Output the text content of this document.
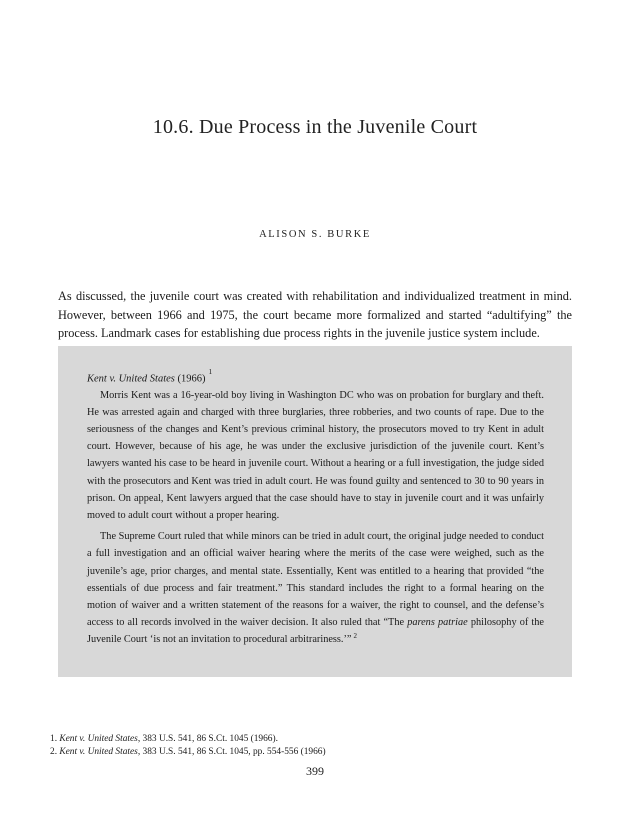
10.6. Due Process in the Juvenile Court
ALISON S. BURKE

As discussed, the juvenile court was created with rehabilitation and individualized treatment in mind. However, between 1966 and 1975, the court became more formalized and started “adultifying” the process. Landmark cases for establishing due process rights in the juvenile justice system include.

Kent v. United States $(1966)^1$

Morris Kent was a 16-year-old boy living in Washington DC who was on probation for burglary and theft. He was arrested again and charged with three burglaries, three robberies, and two counts of rape. Due to the seriousness of the changes and Kent’s previous criminal history, the prosecutors moved to try Kent in adult court. However, because of his age, he was under the exclusive jurisdiction of the juvenile court. Kent’s lawyers wanted his case to be heard in juvenile court. Without a hearing or a full investigation, the judge sided with the prosecutors and Kent was tried in adult court. He was found guilty and sentenced to 30 to 90 years in prison. On appeal, Kent lawyers argued that the case should have to stay in juvenile court and it was unfairly moved to adult court without a proper hearing.

The Supreme Court ruled that while minors can be tried in adult court, the original judge needed to conduct a full investigation and an official waiver hearing where the merits of the case were weighed, such as the juvenile’s age, prior charges, and mental state. Essentially, Kent was entitled to a hearing that provided “the essentials of due process and fair treatment.” This standard includes the right to a formal hearing on the motion of waiver and a written statement of the reasons for a waiver, the right to counsel, and the defense’s access to all records involved in the waiver decision. It also ruled that “The parens patriae philosophy of the Juvenile Court ‘is not an invitation to procedural arbitrariness.’” $^2$

1. Kent v. United States, 383 U.S. 541, 86 S.Ct. 1045 (1966).
2. Kent v. United States, 383 U.S. 541, 86 S.Ct. 1045, pp. 554-556 (1966)
399
